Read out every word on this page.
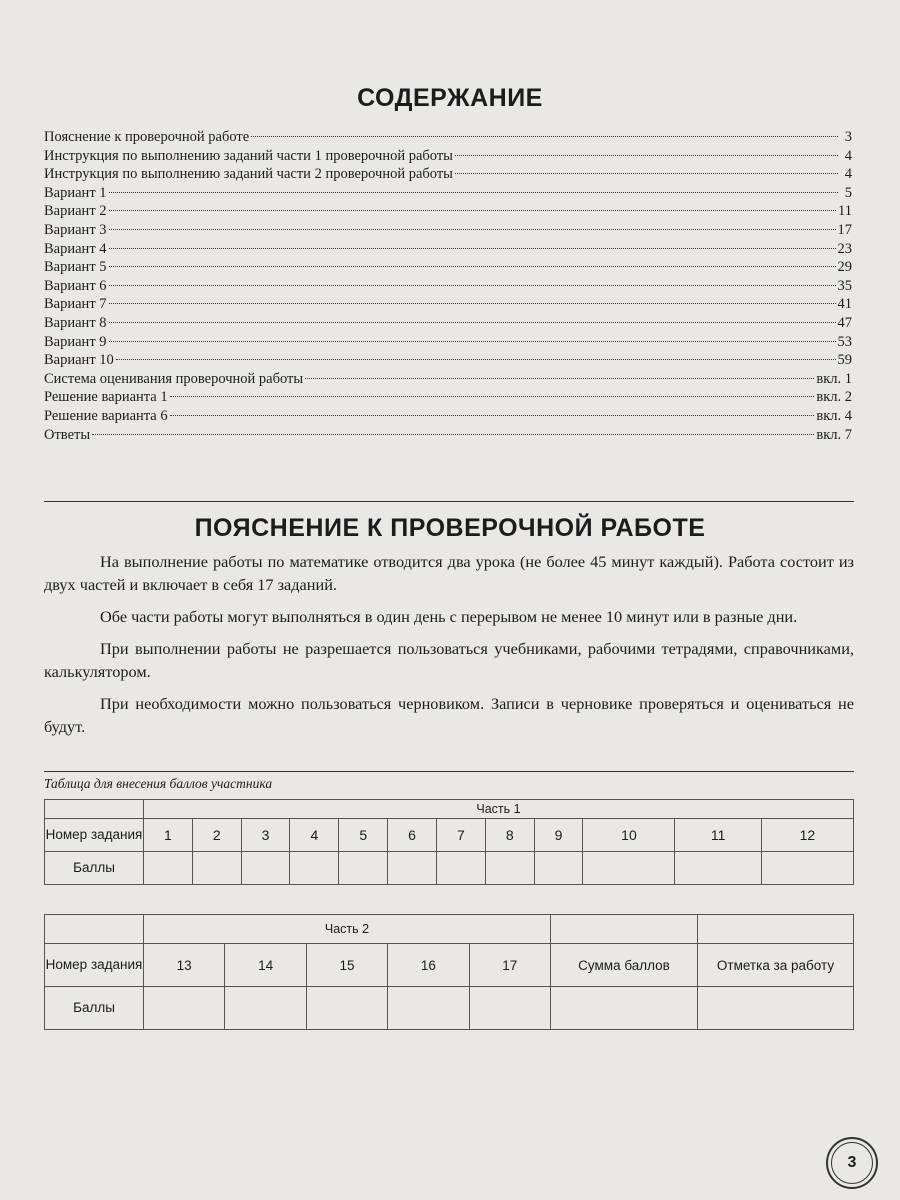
СОДЕРЖАНИЕ
Пояснение к проверочной работе	3
Инструкция по выполнению заданий части 1 проверочной работы	4
Инструкция по выполнению заданий части 2 проверочной работы	4
Вариант 1	5
Вариант 2	11
Вариант 3	17
Вариант 4	23
Вариант 5	29
Вариант 6	35
Вариант 7	41
Вариант 8	47
Вариант 9	53
Вариант 10	59
Система оценивания проверочной работы	вкл. 1
Решение варианта 1	вкл. 2
Решение варианта 6	вкл. 4
Ответы	вкл. 7
ПОЯСНЕНИЕ К ПРОВЕРОЧНОЙ РАБОТЕ

На выполнение работы по математике отводится два урока (не более 45 минут каждый). Работа состоит из двух частей и включает в себя 17 заданий.

Обе части работы могут выполняться в один день с перерывом не менее 10 минут или в разные дни.

При выполнении работы не разрешается пользоваться учебниками, рабочими тетрадями, справочниками, калькулятором.

При необходимости можно пользоваться черновиком. Записи в черновике проверяться и оцениваться не будут.

Таблица для внесения баллов участника
	Часть 1											
Номер задания	1	2	3	4	5	6	7	8	9	10	11	12
Баллы												
	Часть 2						
Номер задания	13	14	15	16	17	Сумма баллов	Отметка за работу
Баллы							
3
